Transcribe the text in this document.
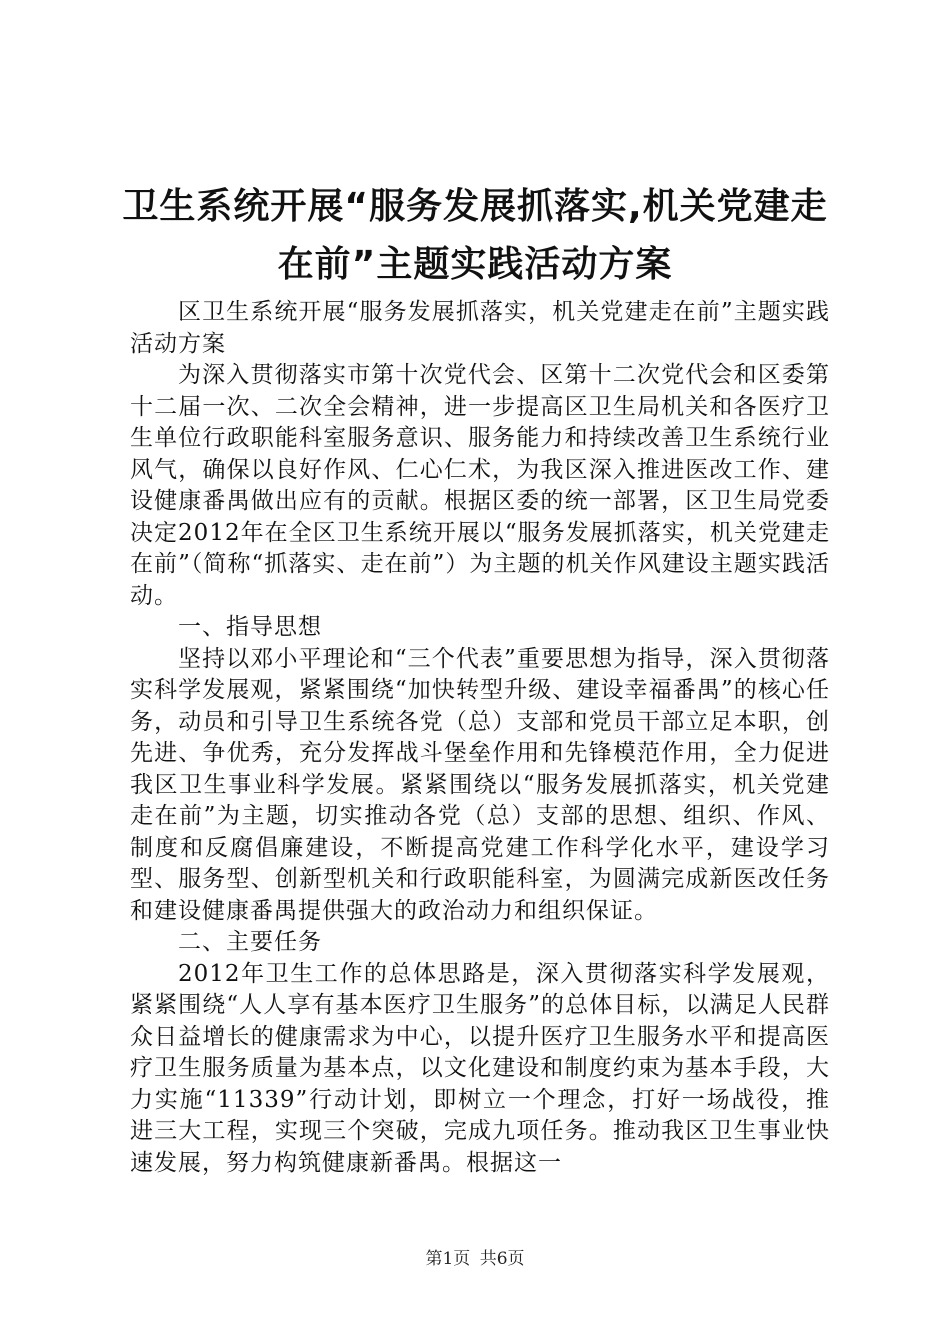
卫生系统开展“服务发展抓落实,机关党建走
在前”主题实践活动方案

区卫生系统开展“服务发展抓落实，机关党建走在前”主题实践活动方案

为深入贯彻落实市第十次党代会、区第十二次党代会和区委第十二届一次、二次全会精神，进一步提高区卫生局机关和各医疗卫生单位行政职能科室服务意识、服务能力和持续改善卫生系统行业风气，确保以良好作风、仁心仁术，为我区深入推进医改工作、建设健康番禺做出应有的贡献。根据区委的统一部署，区卫生局党委决定2012年在全区卫生系统开展以“服务发展抓落实，机关党建走在前”（简称“抓落实、走在前”）为主题的机关作风建设主题实践活动。

一、指导思想

坚持以邓小平理论和“三个代表”重要思想为指导，深入贯彻落实科学发展观，紧紧围绕“加快转型升级、建设幸福番禺”的核心任务，动员和引导卫生系统各党（总）支部和党员干部立足本职，创先进、争优秀，充分发挥战斗堡垒作用和先锋模范作用，全力促进我区卫生事业科学发展。紧紧围绕以“服务发展抓落实，机关党建走在前”为主题，切实推动各党（总）支部的思想、组织、作风、制度和反腐倡廉建设，不断提高党建工作科学化水平，建设学习型、服务型、创新型机关和行政职能科室，为圆满完成新医改任务和建设健康番禺提供强大的政治动力和组织保证。

二、主要任务

2012年卫生工作的总体思路是，深入贯彻落实科学发展观，紧紧围绕“人人享有基本医疗卫生服务”的总体目标，以满足人民群众日益增长的健康需求为中心，以提升医疗卫生服务水平和提高医疗卫生服务质量为基本点，以文化建设和制度约束为基本手段，大力实施“11339”行动计划，即树立一个理念，打好一场战役，推进三大工程，实现三个突破，完成九项任务。推动我区卫生事业快速发展，努力构筑健康新番禺。根据这一

第1页 共6页
